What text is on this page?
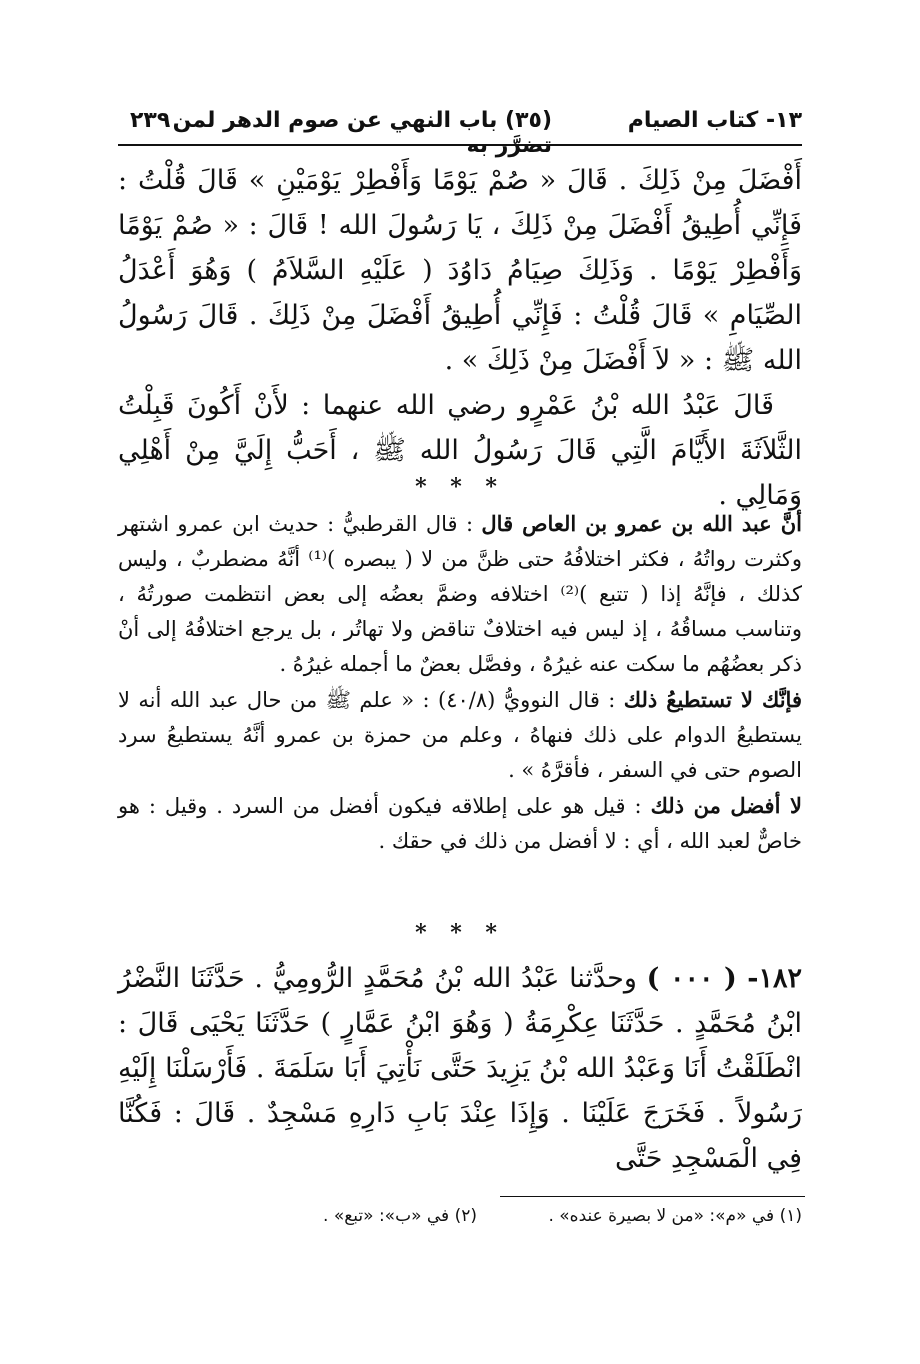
١٣- كتاب الصيام
(٣٥) باب النهي عن صوم الدهر لمن تضرَّر به
٢٣٩

أَفْضَلَ مِنْ ذَلِكَ . قَالَ « صُمْ يَوْمًا وَأَفْطِرْ يَوْمَيْنِ » قَالَ قُلْتُ : فَإِنِّي أُطِيقُ أَفْضَلَ مِنْ ذَلِكَ ، يَا رَسُولَ الله ! قَالَ : « صُمْ يَوْمًا وَأَفْطِرْ يَوْمًا . وَذَلِكَ صِيَامُ دَاوُدَ ( عَلَيْهِ السَّلاَمُ ) وَهُوَ أَعْدَلُ الصِّيَامِ » قَالَ قُلْتُ : فَإِنِّي أُطِيقُ أَفْضَلَ مِنْ ذَلِكَ . قَالَ رَسُولُ الله ﷺ : « لاَ أَفْضَلَ مِنْ ذَلِكَ » .

قَالَ عَبْدُ الله بْنُ عَمْرٍو رضي الله عنهما : لأَنْ أَكُونَ قَبِلْتُ الثَّلاَثَةَ الأَيَّامَ الَّتِي قَالَ رَسُولُ الله ﷺ ، أَحَبُّ إِلَيَّ مِنْ أَهْلِي وَمَالِي .

* * *

أنَّ عبد الله بن عمرو بن العاص قال : قال القرطبيُّ : حديث ابن عمرو اشتهر وكثرت رواتُهُ ، فكثر اختلافُهُ حتى ظنَّ من لا ( يبصره )⁽¹⁾ أنَّهُ مضطربٌ ، وليس كذلك ، فإنَّهُ إذا ( تتبع )⁽²⁾ اختلافه وضمَّ بعضُه إلى بعض انتظمت صورتُهُ ، وتناسب مساقُهُ ، إذ ليس فيه اختلافٌ تناقض ولا تهاتُر ، بل يرجع اختلافُهُ إلى أنْ ذكر بعضُهُم ما سكت عنه غيرُهُ ، وفصَّل بعضٌ ما أجمله غيرُهُ .

فإنَّك لا تستطيعُ ذلك : قال النوويُّ (٤٠/٨) : « علم ﷺ من حال عبد الله أنه لا يستطيعُ الدوام على ذلك فنهاهُ ، وعلم من حمزة بن عمرو أنَّهُ يستطيعُ سرد الصوم حتى في السفر ، فأقرَّهُ » .

لا أفضل من ذلك : قيل هو على إطلاقه فيكون أفضل من السرد . وقيل : هو خاصٌّ لعبد الله ، أي : لا أفضل من ذلك في حقك .

* * *

١٨٢- ( ٠٠٠ ) وحدَّثنا عَبْدُ الله بْنُ مُحَمَّدٍ الرُّومِيُّ . حَدَّثَنَا النَّضْرُ ابْنُ مُحَمَّدٍ . حَدَّثَنَا عِكْرِمَةُ ( وَهُوَ ابْنُ عَمَّارٍ ) حَدَّثَنَا يَحْيَى قَالَ : انْطَلَقْتُ أَنَا وَعَبْدُ الله بْنُ يَزِيدَ حَتَّى نَأْتِيَ أَبَا سَلَمَةَ . فَأَرْسَلْنَا إِلَيْهِ رَسُولاً . فَخَرَجَ عَلَيْنَا . وَإِذَا عِنْدَ بَابِ دَارِهِ مَسْجِدٌ . قَالَ : فَكُنَّا فِي الْمَسْجِدِ حَتَّى

(١) في «م»: «من لا بصيرة عنده» .
(٢) في «ب»: «تبع» .
